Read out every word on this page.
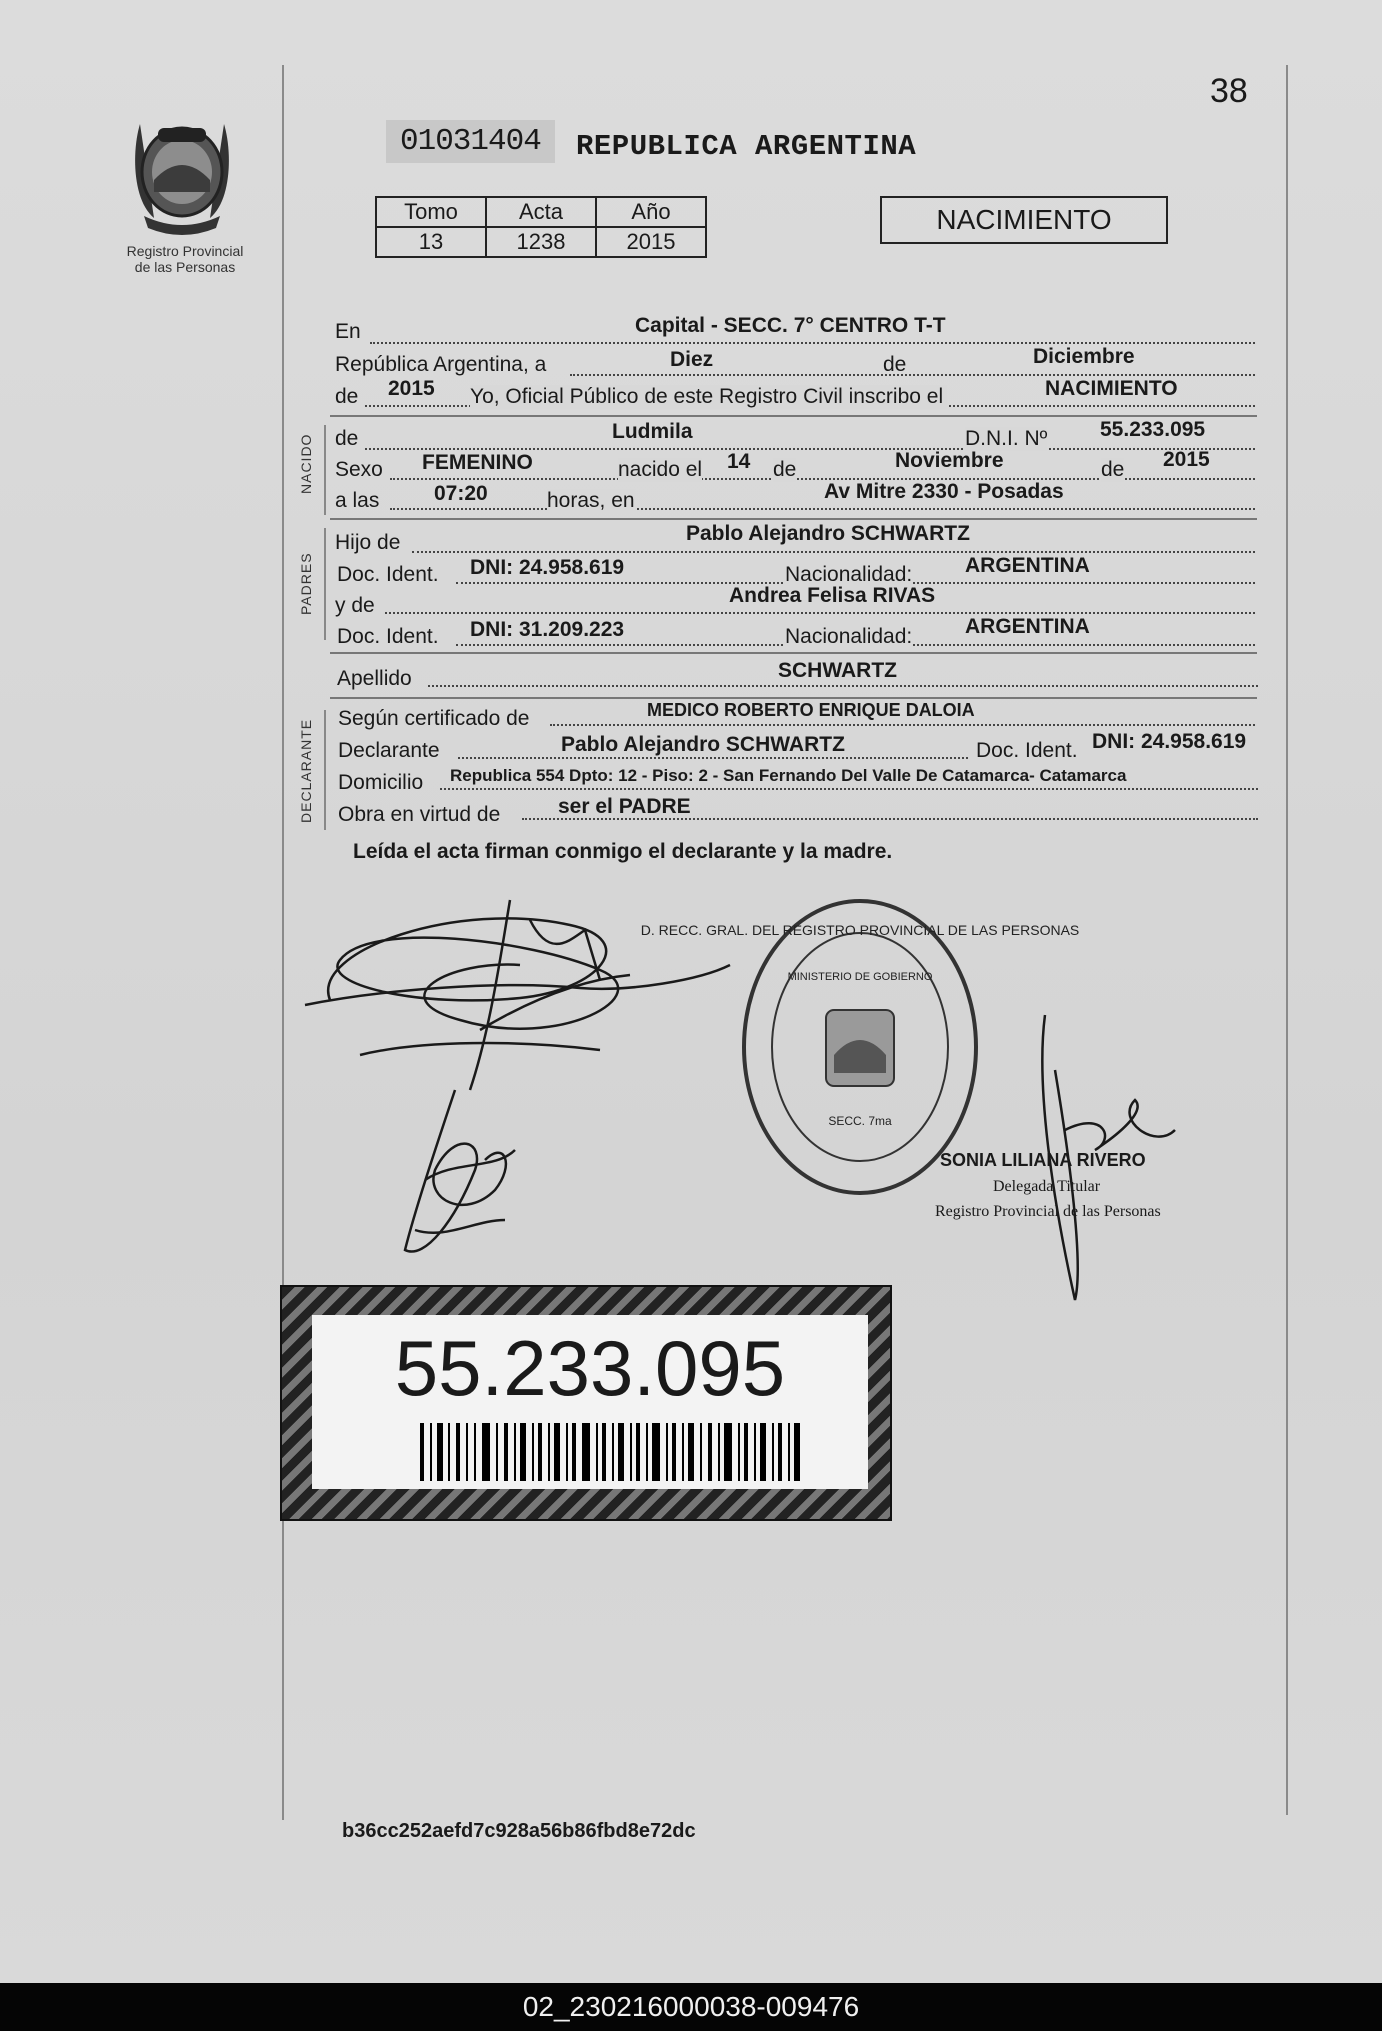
38
Registro Provincial
de las Personas
01031404	REPUBLICA ARGENTINA
Tomo	Acta	Año
13	1238	2015
NACIMIENTO
En	Capital - SECC. 7° CENTRO T-T
República Argentina, a	Diez	de	Diciembre
de 2015 Yo, Oficial Público de este Registro Civil inscribo el	NACIMIENTO
NACIDO de	Ludmila	D.N.I. Nº	55.233.095
Sexo FEMENINO	nacido el 14 de	Noviembre	de 2015
a las	07:20	horas, en	Av Mitre 2330 - Posadas
PADRES
Hijo de	Pablo Alejandro SCHWARTZ
Doc. Ident. DNI: 24.958.619	Nacionalidad:	ARGENTINA
y de	Andrea Felisa RIVAS
Doc. Ident. DNI: 31.209.223	Nacionalidad:	ARGENTINA
Apellido	SCHWARTZ
DECLARANTE
Según certificado de	MEDICO ROBERTO ENRIQUE DALOIA
Declarante	Pablo Alejandro SCHWARTZ	Doc. Ident. DNI: 24.958.619
Domicilio Republica 554 Dpto: 12 - Piso: 2 - San Fernando Del Valle De Catamarca- Catamarca
Obra en virtud de	ser el PADRE
Leída el acta firman conmigo el declarante y la madre.
D. RECC. GRAL. DEL REGISTRO PROVINCIAL DE LAS PERSONAS
MINISTERIO DE GOBIERNO
SECC. 7ma
SONIA LILIANA RIVERO
Delegada Titular
Registro Provincial de las Personas
55.233.095
b36cc252aefd7c928a56b86fbd8e72dc
02_230216000038-009476
